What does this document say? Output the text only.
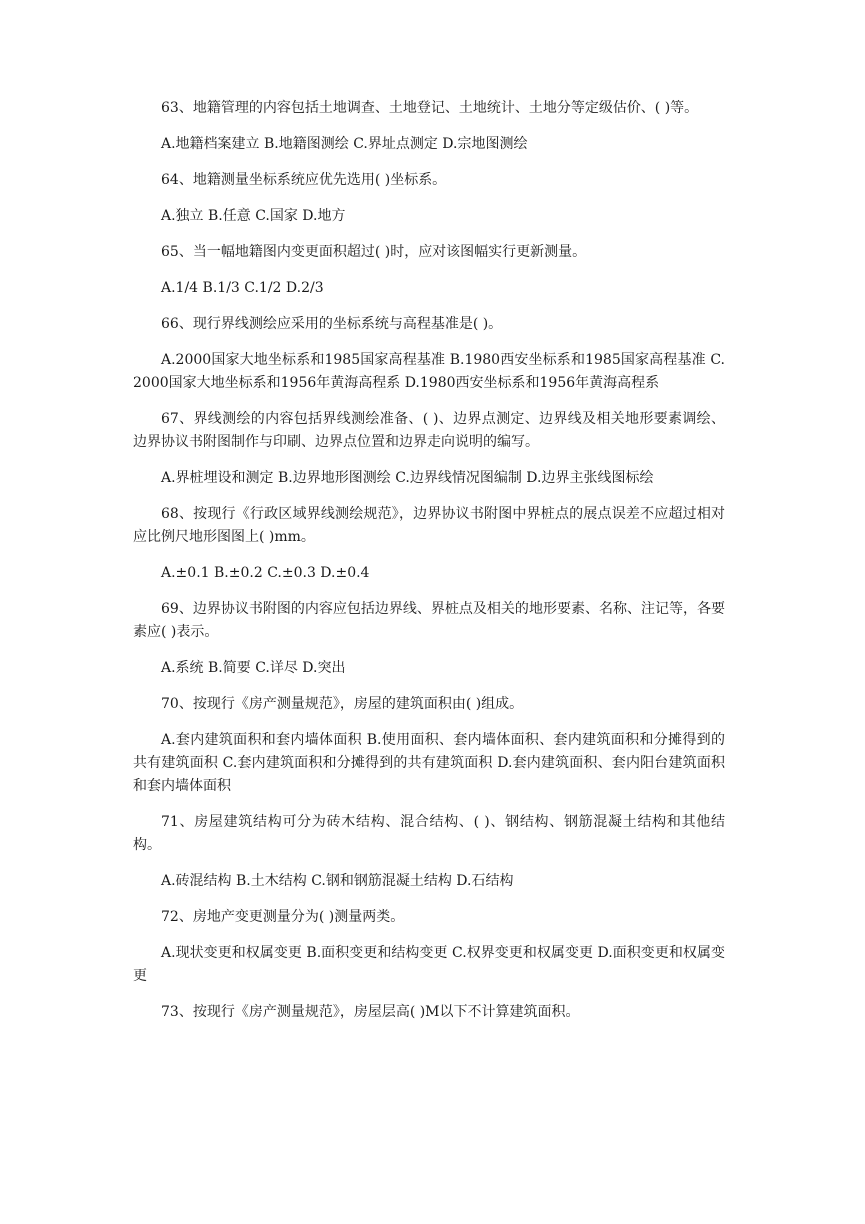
63、地籍管理的内容包括土地调查、土地登记、土地统计、土地分等定级估价、( )等。

A.地籍档案建立 B.地籍图测绘 C.界址点测定 D.宗地图测绘

64、地籍测量坐标系统应优先选用( )坐标系。

A.独立 B.任意 C.国家 D.地方

65、当一幅地籍图内变更面积超过( )时，应对该图幅实行更新测量。

A.1/4 B.1/3 C.1/2 D.2/3

66、现行界线测绘应采用的坐标系统与高程基准是( )。

A.2000国家大地坐标系和1985国家高程基准 B.1980西安坐标系和1985国家高程基准 C.2000国家大地坐标系和1956年黄海高程系 D.1980西安坐标系和1956年黄海高程系

67、界线测绘的内容包括界线测绘准备、( )、边界点测定、边界线及相关地形要素调绘、边界协议书附图制作与印刷、边界点位置和边界走向说明的编写。

A.界桩埋设和测定 B.边界地形图测绘 C.边界线情况图编制 D.边界主张线图标绘

68、按现行《行政区域界线测绘规范》，边界协议书附图中界桩点的展点误差不应超过相对应比例尺地形图图上( )mm。

A.±0.1 B.±0.2 C.±0.3 D.±0.4

69、边界协议书附图的内容应包括边界线、界桩点及相关的地形要素、名称、注记等，各要素应( )表示。

A.系统 B.简要 C.详尽 D.突出

70、按现行《房产测量规范》，房屋的建筑面积由( )组成。

A.套内建筑面积和套内墙体面积 B.使用面积、套内墙体面积、套内建筑面积和分摊得到的共有建筑面积 C.套内建筑面积和分摊得到的共有建筑面积 D.套内建筑面积、套内阳台建筑面积和套内墙体面积

71、房屋建筑结构可分为砖木结构、混合结构、( )、钢结构、钢筋混凝土结构和其他结构。

A.砖混结构 B.土木结构 C.钢和钢筋混凝土结构 D.石结构

72、房地产变更测量分为( )测量两类。

A.现状变更和权属变更 B.面积变更和结构变更 C.权界变更和权属变更 D.面积变更和权属变更

73、按现行《房产测量规范》，房屋层高( )M以下不计算建筑面积。
